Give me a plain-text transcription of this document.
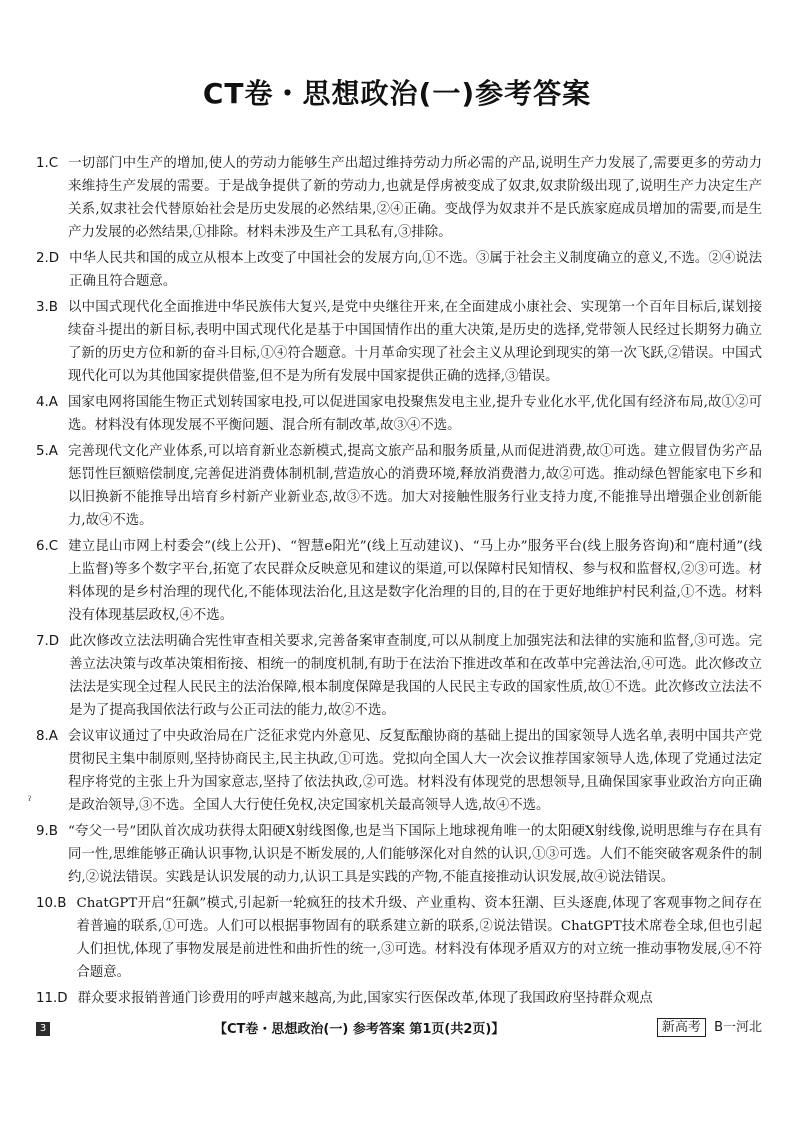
CT卷・思想政治(一)参考答案
1.C 一切部门中生产的增加,使人的劳动力能够生产出超过维持劳动力所必需的产品,说明生产力发展了,需要更多的劳动力来维持生产发展的需要。于是战争提供了新的劳动力,也就是俘虏被变成了奴隶,奴隶阶级出现了,说明生产力决定生产关系,奴隶社会代替原始社会是历史发展的必然结果,②④正确。变战俘为奴隶并不是氏族家庭成员增加的需要,而是生产力发展的必然结果,①排除。材料未涉及生产工具私有,③排除。
2.D 中华人民共和国的成立从根本上改变了中国社会的发展方向,①不选。③属于社会主义制度确立的意义,不选。②④说法正确且符合题意。
3.B 以中国式现代化全面推进中华民族伟大复兴,是党中央继往开来,在全面建成小康社会、实现第一个百年目标后,谋划接续奋斗提出的新目标,表明中国式现代化是基于中国国情作出的重大决策,是历史的选择,党带领人民经过长期努力确立了新的历史方位和新的奋斗目标,①④符合题意。十月革命实现了社会主义从理论到现实的第一次飞跃,②错误。中国式现代化可以为其他国家提供借鉴,但不是为所有发展中国家提供正确的选择,③错误。
4.A 国家电网将国能生物正式划转国家电投,可以促进国家电投聚焦发电主业,提升专业化水平,优化国有经济布局,故①②可选。材料没有体现发展不平衡问题、混合所有制改革,故③④不选。
5.A 完善现代文化产业体系,可以培育新业态新模式,提高文旅产品和服务质量,从而促进消费,故①可选。建立假冒伪劣产品惩罚性巨额赔偿制度,完善促进消费体制机制,营造放心的消费环境,释放消费潜力,故②可选。推动绿色智能家电下乡和以旧换新不能推导出培育乡村新产业新业态,故③不选。加大对接触性服务行业支持力度,不能推导出增强企业创新能力,故④不选。
6.C 建立昆山市网上村委会”(线上公开)、“智慧e阳光”(线上互动建议)、“马上办”服务平台(线上服务咨询)和“鹿村通”(线上监督)等多个数字平台,拓宽了农民群众反映意见和建议的渠道,可以保障村民知情权、参与权和监督权,②③可选。材料体现的是乡村治理的现代化,不能体现法治化,且这是数字化治理的目的,目的在于更好地维护村民利益,①不选。材料没有体现基层政权,④不选。
7.D 此次修改立法法明确合宪性审查相关要求,完善备案审查制度,可以从制度上加强宪法和法律的实施和监督,③可选。完善立法决策与改革决策相衔接、相统一的制度机制,有助于在法治下推进改革和在改革中完善法治,④可选。此次修改立法法是实现全过程人民民主的法治保障,根本制度保障是我国的人民民主专政的国家性质,故①不选。此次修改立法法不是为了提高我国依法行政与公正司法的能力,故②不选。
8.A 会议审议通过了中央政治局在广泛征求党内外意见、反复酝酿协商的基础上提出的国家领导人选名单,表明中国共产党贯彻民主集中制原则,坚持协商民主,民主执政,①可选。党拟向全国人大一次会议推荐国家领导人选,体现了党通过法定程序将党的主张上升为国家意志,坚持了依法执政,②可选。材料没有体现党的思想领导,且确保国家事业政治方向正确是政治领导,③不选。全国人大行使任免权,决定国家机关最高领导人选,故④不选。
9.B “夸父一号”团队首次成功获得太阳硬X射线图像,也是当下国际上地球视角唯一的太阳硬X射线像,说明思维与存在具有同一性,思维能够正确认识事物,认识是不断发展的,人们能够深化对自然的认识,①③可选。人们不能突破客观条件的制约,②说法错误。实践是认识发展的动力,认识工具是实践的产物,不能直接推动认识发展,故④说法错误。
10.B ChatGPT开启“狂飙”模式,引起新一轮疯狂的技术升级、产业重构、资本狂潮、巨头逐鹿,体现了客观事物之间存在着普遍的联系,①可选。人们可以根据事物固有的联系建立新的联系,②说法错误。ChatGPT技术席卷全球,但也引起人们担忧,体现了事物发展是前进性和曲折性的统一,③可选。材料没有体现矛盾双方的对立统一推动事物发展,④不符合题意。
11.D 群众要求报销普通门诊费用的呼声越来越高,为此,国家实行医保改革,体现了我国政府坚持群众观点
ˀ
3	【CT卷・思想政治(一) 参考答案 第1页(共2页)】	新高考 B一河北
